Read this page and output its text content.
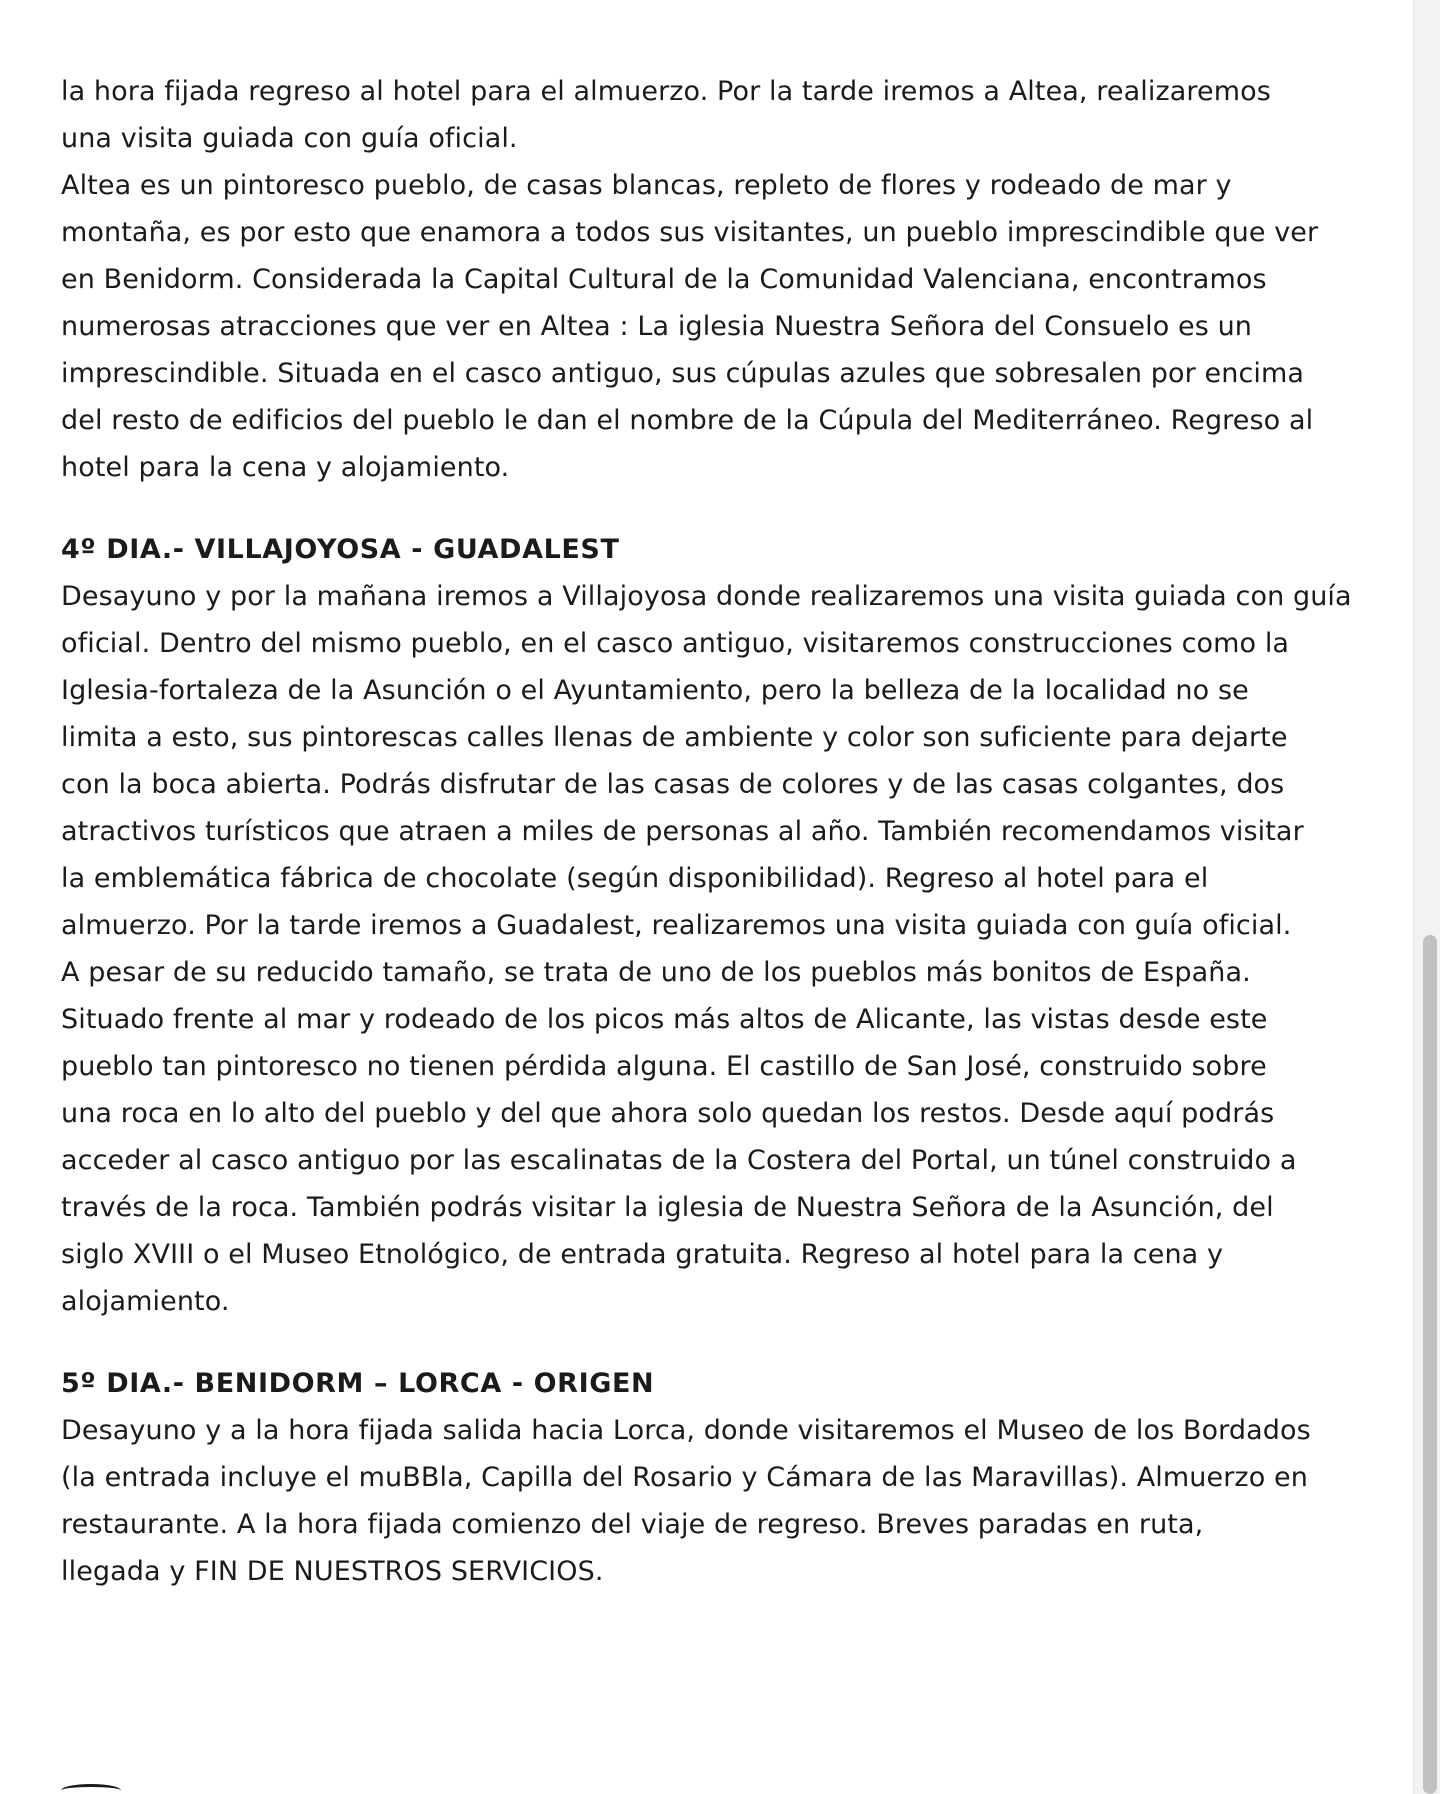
la hora fijada regreso al hotel para el almuerzo. Por la tarde iremos a Altea, realizaremos
una visita guiada con guía oficial.
Altea es un pintoresco pueblo, de casas blancas, repleto de flores y rodeado de mar y
montaña, es por esto que enamora a todos sus visitantes, un pueblo imprescindible que ver
en Benidorm. Considerada la Capital Cultural de la Comunidad Valenciana, encontramos
numerosas atracciones que ver en Altea : La iglesia Nuestra Señora del Consuelo es un
imprescindible. Situada en el casco antiguo, sus cúpulas azules que sobresalen por encima
del resto de edificios del pueblo le dan el nombre de la Cúpula del Mediterráneo. Regreso al
hotel para la cena y alojamiento.
4º DIA.- VILLAJOYOSA - GUADALEST
Desayuno y por la mañana iremos a Villajoyosa donde realizaremos una visita guiada con guía
oficial. Dentro del mismo pueblo, en el casco antiguo, visitaremos construcciones como la
Iglesia-fortaleza de la Asunción o el Ayuntamiento, pero la belleza de la localidad no se
limita a esto, sus pintorescas calles llenas de ambiente y color son suficiente para dejarte
con la boca abierta. Podrás disfrutar de las casas de colores y de las casas colgantes, dos
atractivos turísticos que atraen a miles de personas al año. También recomendamos visitar
la emblemática fábrica de chocolate (según disponibilidad). Regreso al hotel para el
almuerzo. Por la tarde iremos a Guadalest, realizaremos una visita guiada con guía oficial.
A pesar de su reducido tamaño, se trata de uno de los pueblos más bonitos de España.
Situado frente al mar y rodeado de los picos más altos de Alicante, las vistas desde este
pueblo tan pintoresco no tienen pérdida alguna. El castillo de San José, construido sobre
una roca en lo alto del pueblo y del que ahora solo quedan los restos. Desde aquí podrás
acceder al casco antiguo por las escalinatas de la Costera del Portal, un túnel construido a
través de la roca. También podrás visitar la iglesia de Nuestra Señora de la Asunción, del
siglo XVIII o el Museo Etnológico, de entrada gratuita. Regreso al hotel para la cena y
alojamiento.
5º DIA.- BENIDORM – LORCA - ORIGEN
Desayuno y a la hora fijada salida hacia Lorca, donde visitaremos el Museo de los Bordados
(la entrada incluye el muBBla, Capilla del Rosario y Cámara de las Maravillas). Almuerzo en
restaurante. A la hora fijada comienzo del viaje de regreso. Breves paradas en ruta,
llegada y FIN DE NUESTROS SERVICIOS.
